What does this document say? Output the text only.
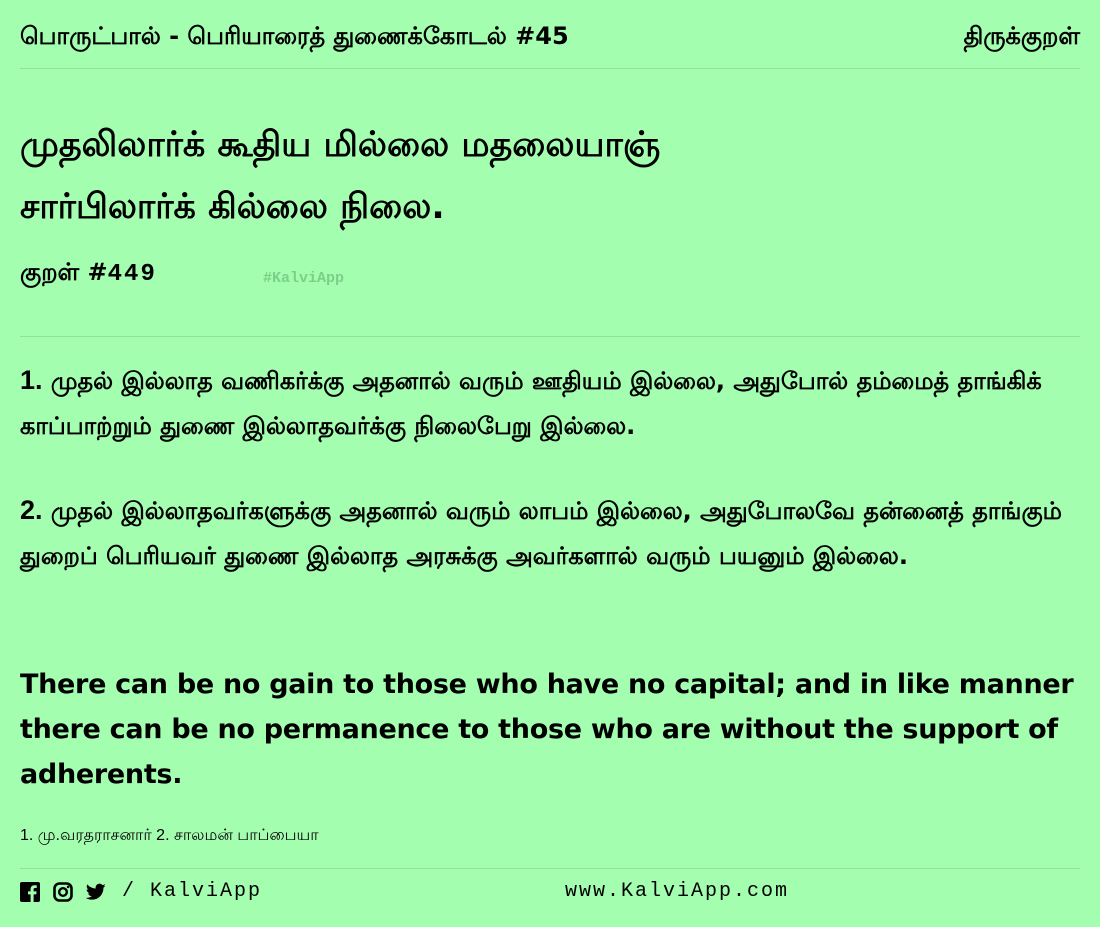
பொருட்பால் - பெரியாரைத் துணைக்கோடல் #45	திருக்குறள்
முதலிலார்க் கூதிய மில்லை மதலையாஞ்
சார்பிலார்க் கில்லை நிலை.
குறள் #449	#KalviApp
1. முதல் இல்லாத வணிகர்க்கு அதனால் வரும் ஊதியம் இல்லை, அதுபோல் தம்மைத் தாங்கிக் காப்பாற்றும் துணை இல்லாதவர்க்கு நிலைபேறு இல்லை.
2. முதல் இல்லாதவர்களுக்கு அதனால் வரும் லாபம் இல்லை, அதுபோலவே தன்னைத் தாங்கும் துறைப் பெரியவர் துணை இல்லாத அரசுக்கு அவர்களால் வரும் பயனும் இல்லை.
There can be no gain to those who have no capital; and in like manner there can be no permanence to those who are without the support of adherents.
1. மு.வரதராசனார் 2. சாலமன் பாப்பையா
/ KalviApp	www.KalviApp.com
